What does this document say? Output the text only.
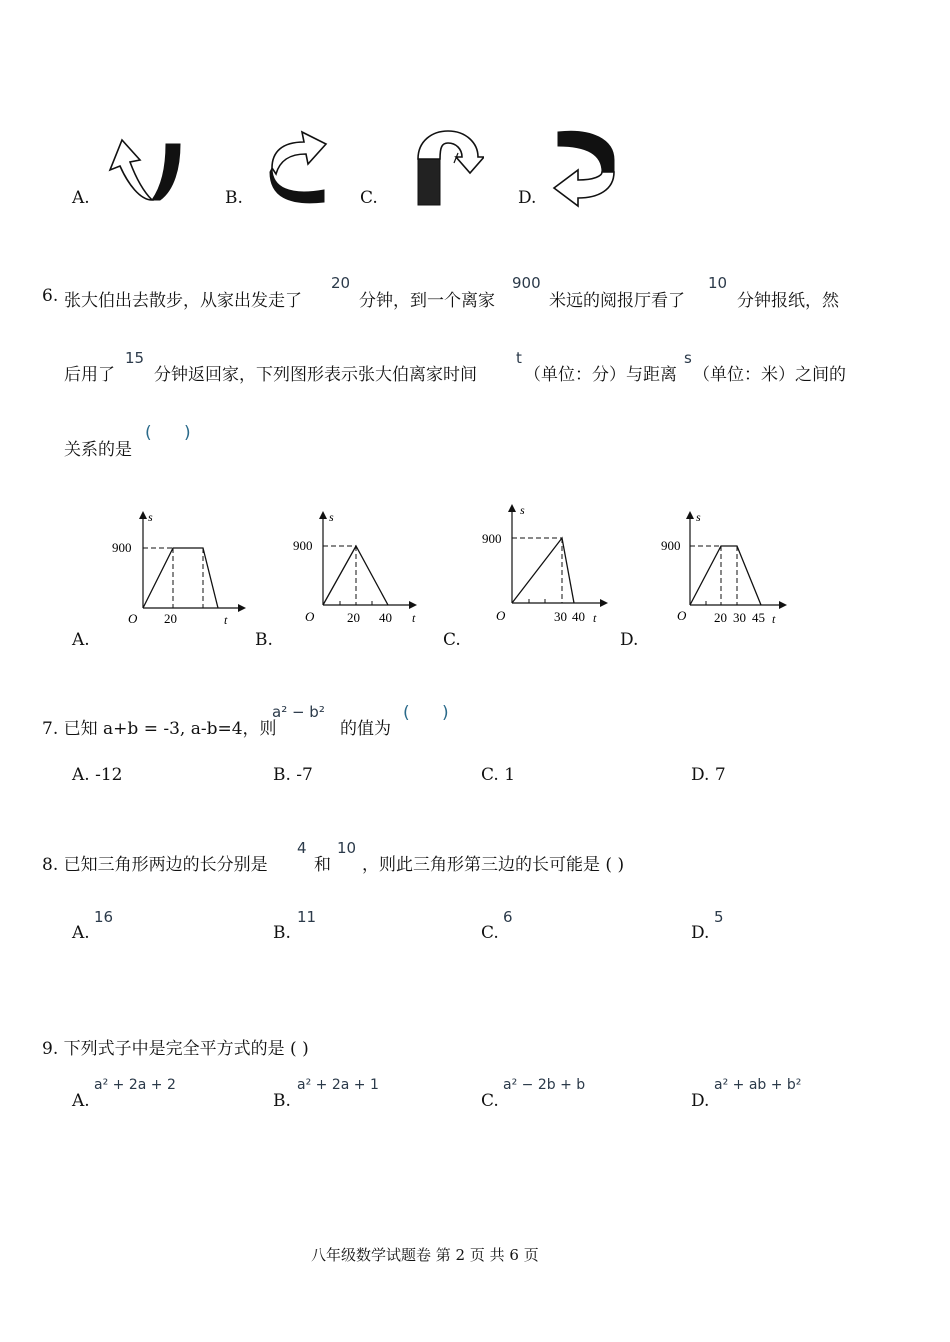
A.	B.	C.	D.
6. 张大伯出去散步，从家出发走了
20
分钟，到一个离家
900
米远的阅报厅看了
10
分钟报纸，然
后用了
15
分钟返回家，下列图形表示张大伯离家时间
t
（单位：分）与距离
s
（单位：米）之间的
关系的是
(      )
s
t
O
900
20
A.
s
t
O
900
20 40
B.
s
t
O
900
30 40
C.
s
t
O
900
20 30 45
D.
7. 已知 a+b = -3, a-b=4，则
a² − b²
的值为
(      )
A. -12	B. -7	C. 1	D. 7
8. 已知三角形两边的长分别是
4
和
10
，则此三角形第三边的长可能是 ( )
A.
16
B.
11
C.
6
D.
5
9. 下列式子中是完全平方式的是 ( )
A.
a² + 2a + 2
B.
a² + 2a + 1
C.
a² − 2b + b
D.
a² + ab + b²
八年级数学试题卷 第 2 页 共 6 页
